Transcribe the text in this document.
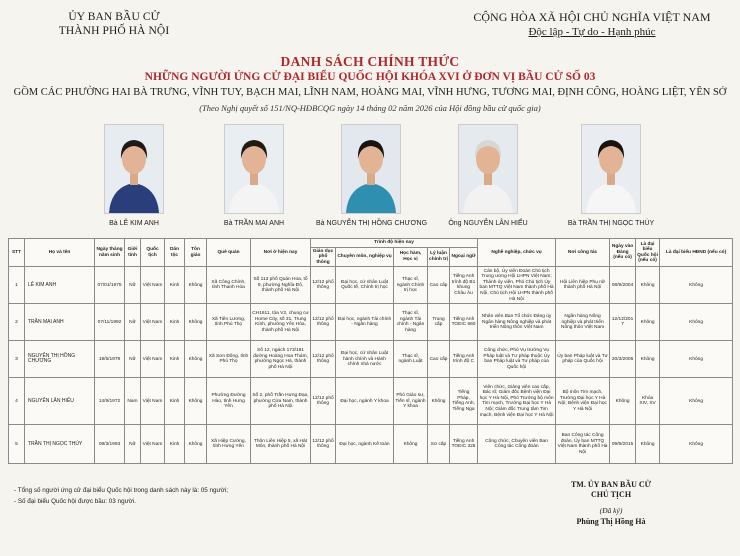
ỦY BAN BẦU CỬ
THÀNH PHỐ HÀ NỘI
CỘNG HÒA XÃ HỘI CHỦ NGHĨA VIỆT NAM
Độc lập - Tự do - Hạnh phúc
DANH SÁCH CHÍNH THỨC
NHỮNG NGƯỜI ỨNG CỬ ĐẠI BIỂU QUỐC HỘI KHÓA XVI Ở ĐƠN VỊ BẦU CỬ SỐ 03
GỒM CÁC PHƯỜNG HAI BÀ TRƯNG, VĨNH TUY, BẠCH MAI, LĨNH NAM, HOÀNG MAI, VĨNH HƯNG, TƯƠNG MAI, ĐỊNH CÔNG, HOÀNG LIỆT, YÊN SỞ
(Theo Nghị quyết số 151/NQ-HĐBCQG ngày 14 tháng 02 năm 2026 của Hội đồng bầu cử quốc gia)
Bà LÊ KIM ANH	Bà TRẦN MAI ANH	Bà NGUYỄN THỊ HỒNG CHƯƠNG	Ông NGUYỄN LÂN HIẾU	Bà TRẦN THỊ NGỌC THÚY
STT	Họ và tên	Ngày tháng năm sinh	Giới tính	Quốc tịch	Dân tộc	Tôn giáo	Quê quán	Nơi ở hiện nay	Trình độ hiện nay					Nghề nghiệp, chức vụ	Nơi công tác	Ngày vào Đảng (nếu có)	Là đại biểu Quốc hội (nếu có)	Là đại biểu HĐND (nếu có)
									Giáo dục phổ thông	Chuyên môn, nghiệp vụ	Học hàm, Học vị	Lý luận chính trị	Ngoại ngữ					
1	LÊ KIM ANH	07/01/1975	Nữ	Việt Nam	Kinh	Không	Xã Công Chính, tỉnh Thanh Hóa	Số 113 phố Quán Hoa, tổ 9, phường Nghĩa Đô, thành phố Hà Nội	12/12 phổ thông	Đại học, cử nhân Luật Quốc tế, Chính trị học	Thạc sĩ, ngành Chính trị học	Cao cấp	Tiếng Anh trình độ B1 khung Châu Âu	Cán bộ, Ủy viên Đoàn Chủ tịch Trung ương Hội LHPN Việt Nam; Thành ủy viên, Phó Chủ tịch Ủy ban MTTQ Việt Nam thành phố Hà Nội, Chủ tịch Hội LHPN thành phố Hà Nội	Hội Liên hiệp Phụ nữ thành phố Hà Nội	08/9/2004	Không	Không
2	TRẦN MAI ANH	07/11/1992	Nữ	Việt Nam	Kinh	Không	Xã Tiên Lương, tỉnh Phú Thọ	CH1611, tòa V2, chung cư Home City, số 31, Trung Kính, phường Yên Hòa, thành phố Hà Nội	12/12 phổ thông	Đại học, ngành Tài chính - Ngân hàng	Thạc sĩ, ngành Tài chính - Ngân hàng	Trung cấp	Tiếng Anh TOEIC 660	Nhân viên Ban Tổ chức Đảng ủy Ngân hàng Nông nghiệp và phát triển Nông thôn Việt Nam	Ngân hàng Nông nghiệp và phát triển Nông thôn Việt Nam	12/12/2017	Không	Không
3	NGUYỄN THỊ HỒNG CHƯƠNG	19/5/1979	Nữ	Việt Nam	Kinh	Không	Xã Sơn Đông, tỉnh Phú Thọ	Số 12, ngách 173/191 đường Hoàng Hoa Thám, phường Ngọc Hà, thành phố Hà Nội	12/12 phổ thông	Đại học, cử nhân Luật hành chính và Hành chính nhà nước	Thạc sĩ, ngành Luật	Cao cấp	Tiếng Anh trình độ C	Công chức, Phó Vụ trưởng Vụ Pháp luật và Tư pháp thuộc Ủy ban Pháp luật và Tư pháp của Quốc hội	Ủy ban Pháp luật và Tư pháp của Quốc hội	20/3/2006	Không	Không
4	NGUYỄN LÂN HIẾU	14/9/1972	Nam	Việt Nam	Kinh	Không	Phường Đường Hào, tỉnh Hưng Yên	Số 2, phố Trần Hưng Đạo, phường Cửa Nam, thành phố Hà Nội	12/12 phổ thông	Đại học, ngành Y khoa	Phó Giáo sư, Tiến sĩ, ngành Y khoa	Không	Tiếng Pháp, Tiếng Anh, Tiếng Nga	Viên chức, Giảng viên cao cấp, Bác sĩ; Giám đốc Bệnh viện Đại học Y Hà Nội, Phó Trưởng bộ môn Tim mạch, Trường Đại học Y Hà Nội; Giám đốc Trung tâm Tim mạch, Bệnh viện Đại học Y Hà Nội	Bộ môn Tim mạch, Trường Đại học Y Hà Nội; Bệnh viện Đại học Y Hà Nội	Không	Khóa XIV, XV	Không
5	TRẦN THỊ NGỌC THÚY	09/3/1993	Nữ	Việt Nam	Kinh	Không	Xã Hiệp Cường, tỉnh Hưng Yên	Thôn Liên Hiệp 5, xã Hát Môn, thành phố Hà Nội	12/12 phổ thông	Đại học, ngành Kế toán	Không	Sơ cấp	Tiếng Anh TOEIC 325	Công chức, Chuyên viên Ban Công tác Công đoàn	Ban Công tác Công đoàn, Ủy ban MTTQ Việt Nam thành phố Hà Nội	09/9/2015	Không	Không
- Tổng số người ứng cử đại biểu Quốc hội trong danh sách này là: 05 người;
- Số đại biểu Quốc hội được bầu: 03 người.
TM. ỦY BAN BẦU CỬ
CHỦ TỊCH
(Đã ký)
Phùng Thị Hồng Hà
